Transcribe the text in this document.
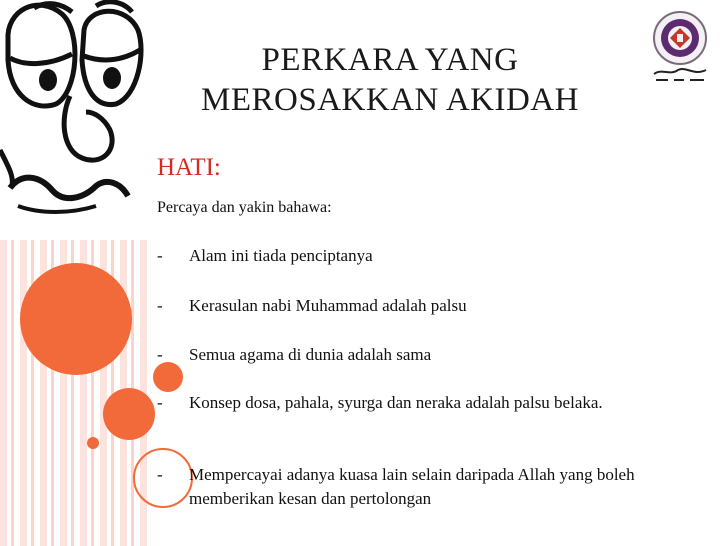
PERKARA YANG
MEROSAKKAN AKIDAH
HATI:
Percaya dan yakin bahawa:
-	Alam ini tiada penciptanya
-	Kerasulan nabi Muhammad adalah palsu
-	Semua agama di dunia adalah sama
-	Konsep dosa, pahala, syurga dan neraka adalah palsu belaka.
-	Mempercayai adanya kuasa lain selain daripada Allah yang boleh memberikan kesan dan pertolongan
